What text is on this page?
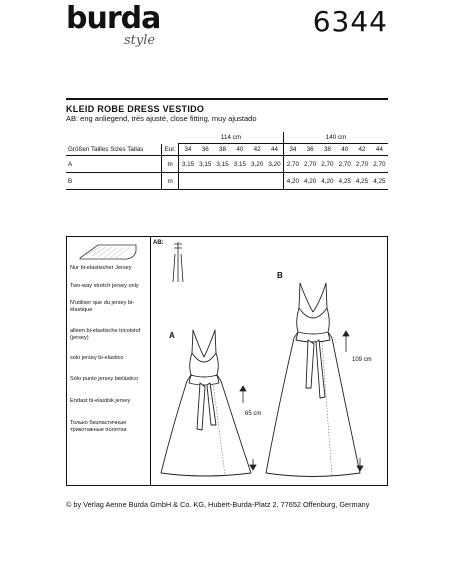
burda
style
6344
KLEID ROBE DRESS VESTIDO
AB: eng anliegend, très ajusté, close fitting, muy ajustado
		114 cm						140 cm					
Größen Tailles Sizes Tallas	Eur.	34	36	38	40	42	44	34	36	38	40	42	44
A	m	3,15	3,15	3,15	3,15	3,20	3,20	2,70	2,70	2,70	2,70	2,70	2,70
B	m							4,20	4,20	4,20	4,25	4,25	4,25
Nur bi-elastischer Jersey
Two-way stretch jersey only
N'utiliser que du jersey bi-élastique
alleen bi-elastische tricotstof (jersey)
solo jersey bi-elastico
Sólo punto jersey bielástico
Endast bi-elastisk jersey
Только биэластичные трикотажные полотна
AB:
A
B
65 cm
109 cm
© by Verlag Aenne Burda GmbH & Co. KG, Hubert-Burda-Platz 2, 77652 Offenburg, Germany
